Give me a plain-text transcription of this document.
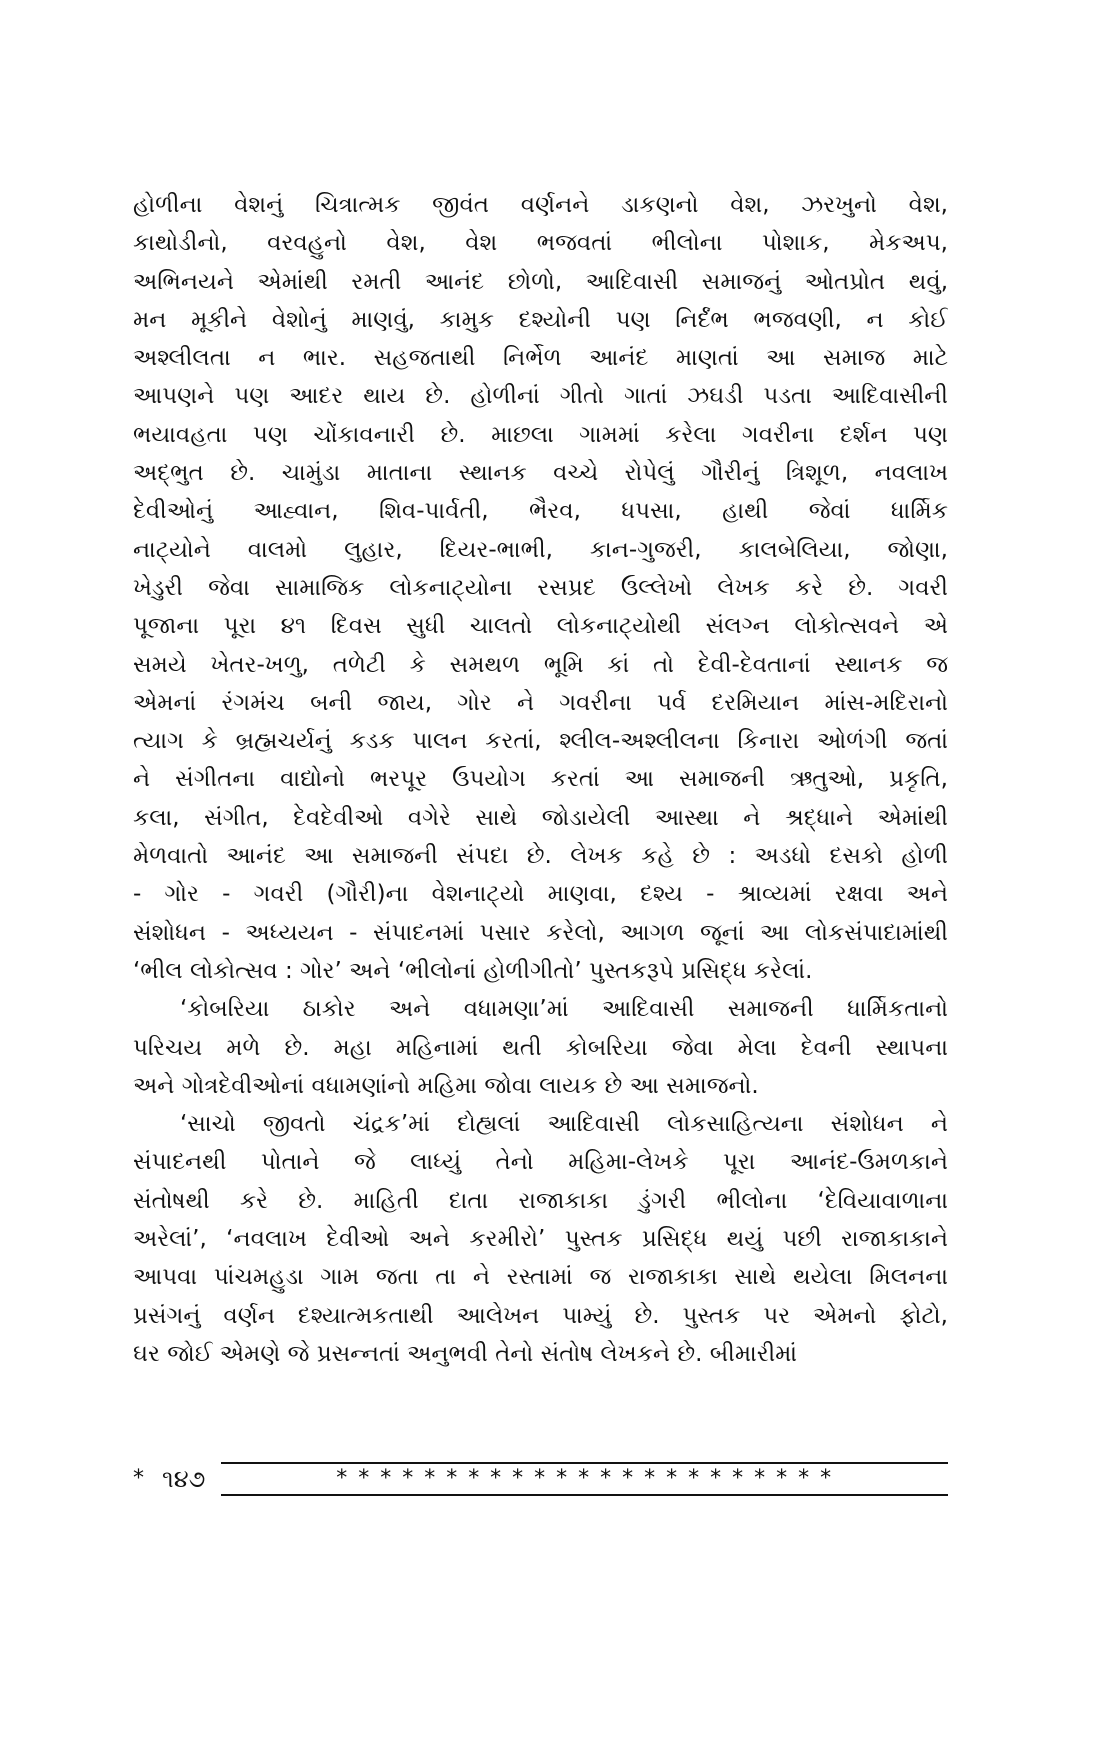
હોળીના વેશનું ચિત્રાત્મક જીવંત વર્ણનને ડાકણનો વેશ, ઝરખુનો વેશ,
કાથોડીનો, વરવહુનો વેશ, વેશ ભજવતાં ભીલોના પોશાક, મેકઅપ,
અભિનયને એમાંથી રમતી આનંદ છોળો, આદિવાસી સમાજનું ઓતપ્રોત થવું,
મન મૂકીને વેશોનું માણવું, કામુક દશ્યોની પણ નિર્દંભ ભજવણી, ન કોઈ
અશ્લીલતા ન ભાર. સહજતાથી નિર્ભેળ આનંદ માણતાં આ સમાજ માટે
આપણને પણ આદર થાય છે. હોળીનાં ગીતો ગાતાં ઝઘડી પડતા આદિવાસીની
ભયાવહતા પણ ચોંકાવનારી છે. માછલા ગામમાં કરેલા ગવરીના દર્શન પણ
અદ્ભુત છે. ચામુંડા માતાના સ્થાનક વચ્ચે રોપેલું ગૌરીનું ત્રિશૂળ, નવલાખ
દેવીઓનું આહ્વાન, શિવ-પાર્વતી, ભૈરવ, ધપસા, હાથી જેવાં ધાર્મિક
નાટ્યોને વાલમો લુહાર, દિયર-ભાભી, કાન-ગુજરી, કાલબેલિયા, જોણા,
ખેડુરી જેવા સામાજિક લોકનાટ્યોના રસપ્રદ ઉલ્લેખો લેખક કરે છે. ગવરી
પૂજાના પૂરા ૪૧ દિવસ સુધી ચાલતો લોકનાટ્યોથી સંલગ્ન લોકોત્સવને એ
સમયે ખેતર-ખળુ, તળેટી કે સમથળ ભૂમિ કાં તો દેવી-દેવતાનાં સ્થાનક જ
એમનાં રંગમંચ બની જાય, ગોર ને ગવરીના પર્વ દરમિયાન માંસ-મદિરાનો
ત્યાગ કે બ્રહ્મચર્યનું કડક પાલન કરતાં, શ્લીલ-અશ્લીલના કિનારા ઓળંગી જતાં
ને સંગીતના વાદ્યોનો ભરપૂર ઉપયોગ કરતાં આ સમાજની ઋતુઓ, પ્રકૃતિ,
કલા, સંગીત, દેવદેવીઓ વગેરે સાથે જોડાયેલી આસ્થા ને શ્રદ્ધાને એમાંથી
મેળવાતો આનંદ આ સમાજની સંપદા છે. લેખક કહે છે : અડધો દસકો હોળી
- ગોર - ગવરી (ગૌરી)ના વેશનાટ્યો માણવા, દશ્ય - શ્રાવ્યમાં રક્ષવા અને
સંશોધન - અધ્યયન - સંપાદનમાં પસાર કરેલો, આગળ જૂનાં આ લોકસંપાદામાંથી
‘ભીલ લોકોત્સવ : ગોર’ અને ‘ભીલોનાં હોળીગીતો’ પુસ્તકરૂપે પ્રસિદ્ધ કરેલાં.
‘કોબરિયા ઠાકોર અને વધામણા’માં આદિવાસી સમાજની ધાર્મિકતાનો
પરિચય મળે છે. મહા મહિનામાં થતી કોબરિયા જેવા મેલા દેવની સ્થાપના
અને ગોત્રદેવીઓનાં વધામણાંનો મહિમા જોવા લાયક છે આ સમાજનો.
‘સાચો જીવતો ચંદ્રક’માં દોહ્યલાં આદિવાસી લોકસાહિત્યના સંશોધન ને
સંપાદનથી પોતાને જે લાધ્યું તેનો મહિમા-લેખકે પૂરા આનંદ-ઉમળકાને
સંતોષથી કરે છે. માહિતી દાતા રાજાકાકા ડુંગરી ભીલોના ‘દેવિયાવાળાના
અરેલાં’, ‘નવલાખ દેવીઓ અને કરમીરો’ પુસ્તક પ્રસિદ્ધ થયું પછી રાજાકાકાને
આપવા પાંચમહુડા ગામ જતા તા ને રસ્તામાં જ રાજાકાકા સાથે થયેલા મિલનના
પ્રસંગનું વર્ણન દશ્યાત્મકતાથી આલેખન પામ્યું છે. પુસ્તક પર એમનો ફોટો,
ઘર જોઈ એમણે જે પ્રસન્નતાં અનુભવી તેનો સંતોષ લેખકને છે. બીમારીમાં
* ૧૪૭	* * * * * * * * * * * * * * * * * * * * * * *
